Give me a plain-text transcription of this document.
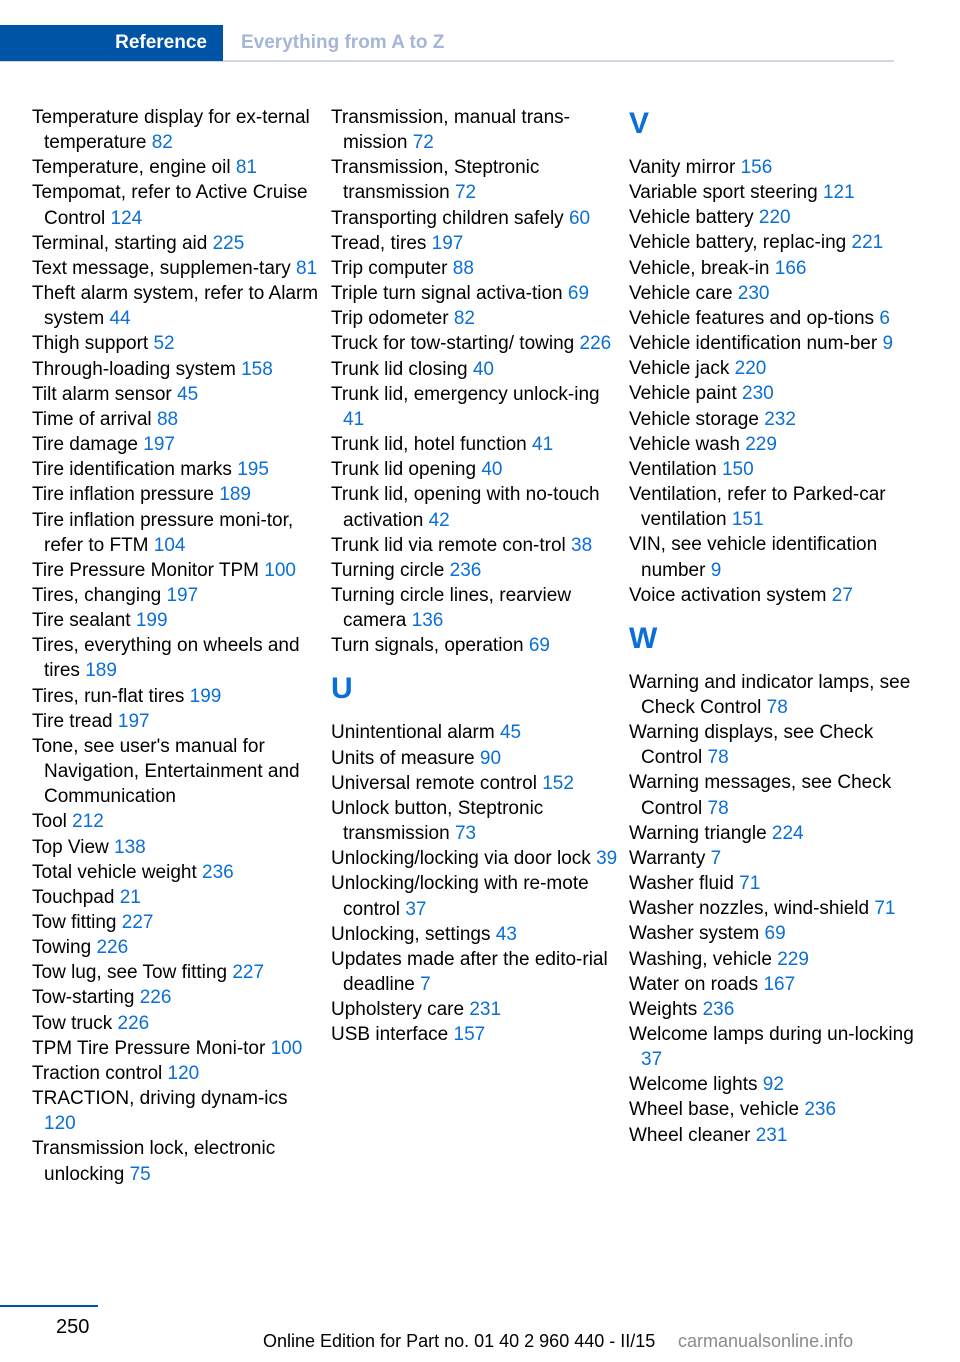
Reference	Everything from A to Z
Temperature display for ex‐ternal temperature 82
Temperature, engine oil 81
Tempomat, refer to Active Cruise Control 124
Terminal, starting aid 225
Text message, supplemen‐tary 81
Theft alarm system, refer to Alarm system 44
Thigh support 52
Through-loading system 158
Tilt alarm sensor 45
Time of arrival 88
Tire damage 197
Tire identification marks 195
Tire inflation pressure 189
Tire inflation pressure moni‐tor, refer to FTM 104
Tire Pressure Monitor TPM 100
Tires, changing 197
Tire sealant 199
Tires, everything on wheels and tires 189
Tires, run-flat tires 199
Tire tread 197
Tone, see user's manual for Navigation, Entertainment and Communication
Tool 212
Top View 138
Total vehicle weight 236
Touchpad 21
Tow fitting 227
Towing 226
Tow lug, see Tow fitting 227
Tow-starting 226
Tow truck 226
TPM Tire Pressure Moni‐tor 100
Traction control 120
TRACTION, driving dynam‐ics 120
Transmission lock, electronic unlocking 75
Transmission, manual trans‐mission 72
Transmission, Steptronic transmission 72
Transporting children safely 60
Tread, tires 197
Trip computer 88
Triple turn signal activa‐tion 69
Trip odometer 82
Truck for tow-starting/ towing 226
Trunk lid closing 40
Trunk lid, emergency unlock‐ing 41
Trunk lid, hotel function 41
Trunk lid opening 40
Trunk lid, opening with no-touch activation 42
Trunk lid via remote con‐trol 38
Turning circle 236
Turning circle lines, rearview camera 136
Turn signals, operation 69
U
Unintentional alarm 45
Units of measure 90
Universal remote control 152
Unlock button, Steptronic transmission 73
Unlocking/locking via door lock 39
Unlocking/locking with re‐mote control 37
Unlocking, settings 43
Updates made after the edito‐rial deadline 7
Upholstery care 231
USB interface 157
V
Vanity mirror 156
Variable sport steering 121
Vehicle battery 220
Vehicle battery, replac‐ing 221
Vehicle, break-in 166
Vehicle care 230
Vehicle features and op‐tions 6
Vehicle identification num‐ber 9
Vehicle jack 220
Vehicle paint 230
Vehicle storage 232
Vehicle wash 229
Ventilation 150
Ventilation, refer to Parked-car ventilation 151
VIN, see vehicle identification number 9
Voice activation system 27
W
Warning and indicator lamps, see Check Control 78
Warning displays, see Check Control 78
Warning messages, see Check Control 78
Warning triangle 224
Warranty 7
Washer fluid 71
Washer nozzles, wind‐shield 71
Washer system 69
Washing, vehicle 229
Water on roads 167
Weights 236
Welcome lamps during un‐locking 37
Welcome lights 92
Wheel base, vehicle 236
Wheel cleaner 231
250
Online Edition for Part no. 01 40 2 960 440 - II/15 carmanualsonline.info
